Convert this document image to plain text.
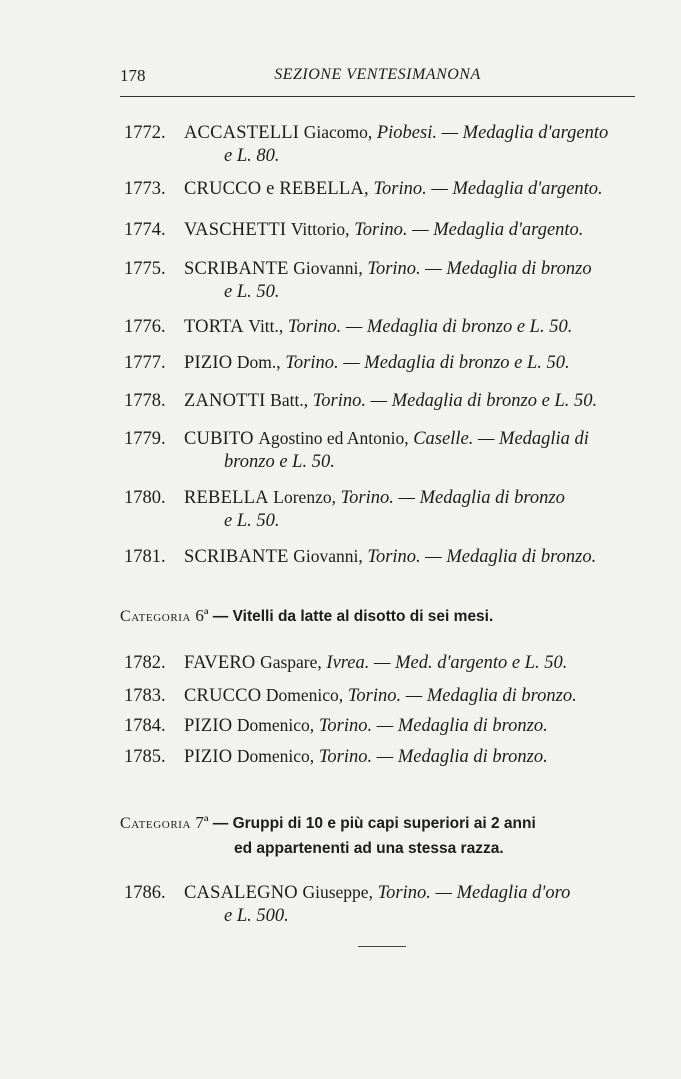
178	SEZIONE VENTESIMANONA
1772. ACCASTELLI Giacomo, Piobesi. — Medaglia d'argento
e L. 80.
1773. CRUCCO e REBELLA, Torino. — Medaglia d'argento.
1774. VASCHETTI Vittorio, Torino. — Medaglia d'argento.
1775. SCRIBANTE Giovanni, Torino. — Medaglia di bronzo
e L. 50.
1776. TORTA Vitt., Torino. — Medaglia di bronzo e L. 50.
1777. PIZIO Dom., Torino. — Medaglia di bronzo e L. 50.
1778. ZANOTTI Batt., Torino. — Medaglia di bronzo e L. 50.
1779. CUBITO Agostino ed Antonio, Caselle. — Medaglia di
bronzo e L. 50.
1780. REBELLA Lorenzo, Torino. — Medaglia di bronzo
e L. 50.
1781. SCRIBANTE Giovanni, Torino. — Medaglia di bronzo.
Categoria 6ª — Vitelli da latte al disotto di sei mesi.
1782. FAVERO Gaspare, Ivrea. — Med. d'argento e L. 50.
1783. CRUCCO Domenico, Torino. — Medaglia di bronzo.
1784. PIZIO Domenico, Torino. — Medaglia di bronzo.
1785. PIZIO Domenico, Torino. — Medaglia di bronzo.
Categoria 7ª — Gruppi di 10 e più capi superiori ai 2 anni
ed appartenenti ad una stessa razza.
1786. CASALEGNO Giuseppe, Torino. — Medaglia d'oro
e L. 500.
